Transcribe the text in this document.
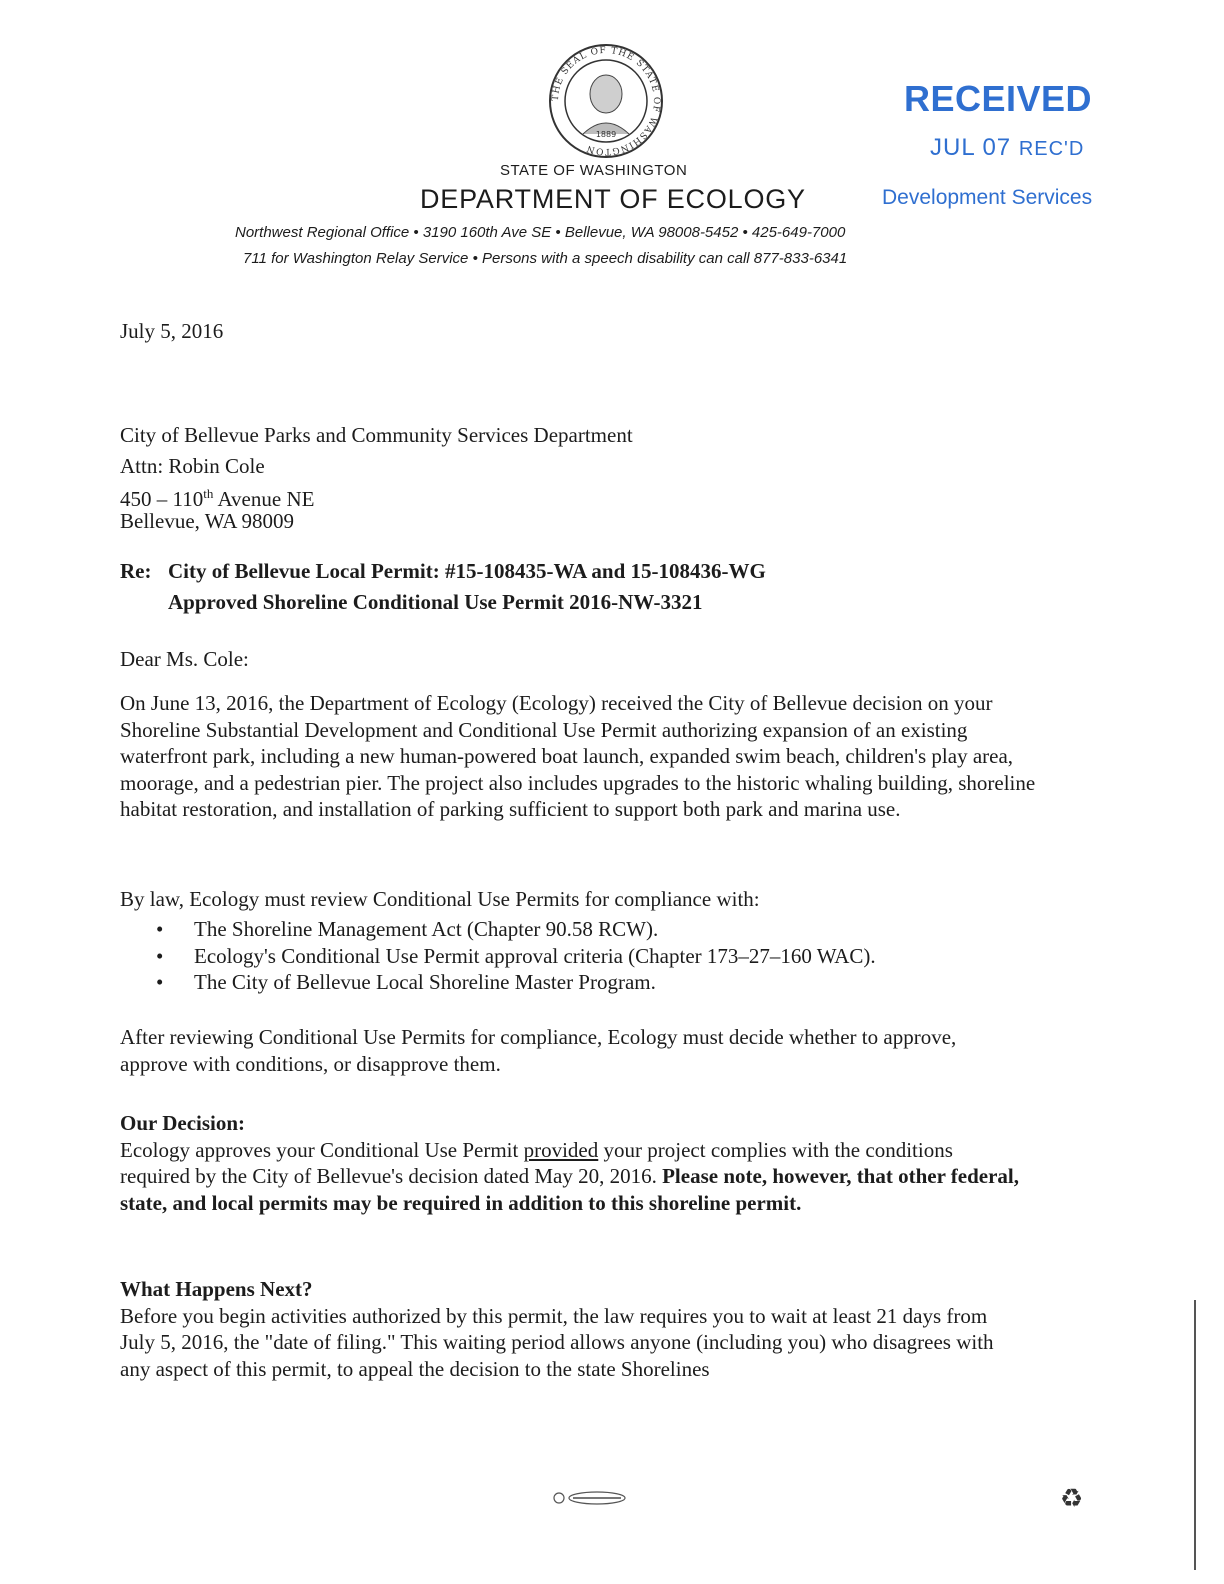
THE SEAL OF THE STATE OF WASHINGTON
1889
RECEIVED
JUL 07 REC'D
Development Services
STATE OF WASHINGTON
DEPARTMENT OF ECOLOGY
Northwest Regional Office • 3190 160th Ave SE • Bellevue, WA 98008-5452 • 425-649-7000
711 for Washington Relay Service • Persons with a speech disability can call 877-833-6341
July 5, 2016
City of Bellevue Parks and Community Services Department
Attn: Robin Cole
450 – 110th Avenue NE
Bellevue, WA 98009
Re: City of Bellevue Local Permit: #15-108435-WA and 15-108436-WG
Approved Shoreline Conditional Use Permit 2016-NW-3321
Dear Ms. Cole:
On June 13, 2016, the Department of Ecology (Ecology) received the City of Bellevue decision on your Shoreline Substantial Development and Conditional Use Permit authorizing expansion of an existing waterfront park, including a new human-powered boat launch, expanded swim beach, children's play area, moorage, and a pedestrian pier. The project also includes upgrades to the historic whaling building, shoreline habitat restoration, and installation of parking sufficient to support both park and marina use.
By law, Ecology must review Conditional Use Permits for compliance with:
• The Shoreline Management Act (Chapter 90.58 RCW).
• Ecology's Conditional Use Permit approval criteria (Chapter 173–27–160 WAC).
• The City of Bellevue Local Shoreline Master Program.
After reviewing Conditional Use Permits for compliance, Ecology must decide whether to approve, approve with conditions, or disapprove them.
Our Decision:
Ecology approves your Conditional Use Permit provided your project complies with the conditions required by the City of Bellevue's decision dated May 20, 2016. Please note, however, that other federal, state, and local permits may be required in addition to this shoreline permit.
What Happens Next?
Before you begin activities authorized by this permit, the law requires you to wait at least 21 days from July 5, 2016, the "date of filing." This waiting period allows anyone (including you) who disagrees with any aspect of this permit, to appeal the decision to the state Shorelines
♻
